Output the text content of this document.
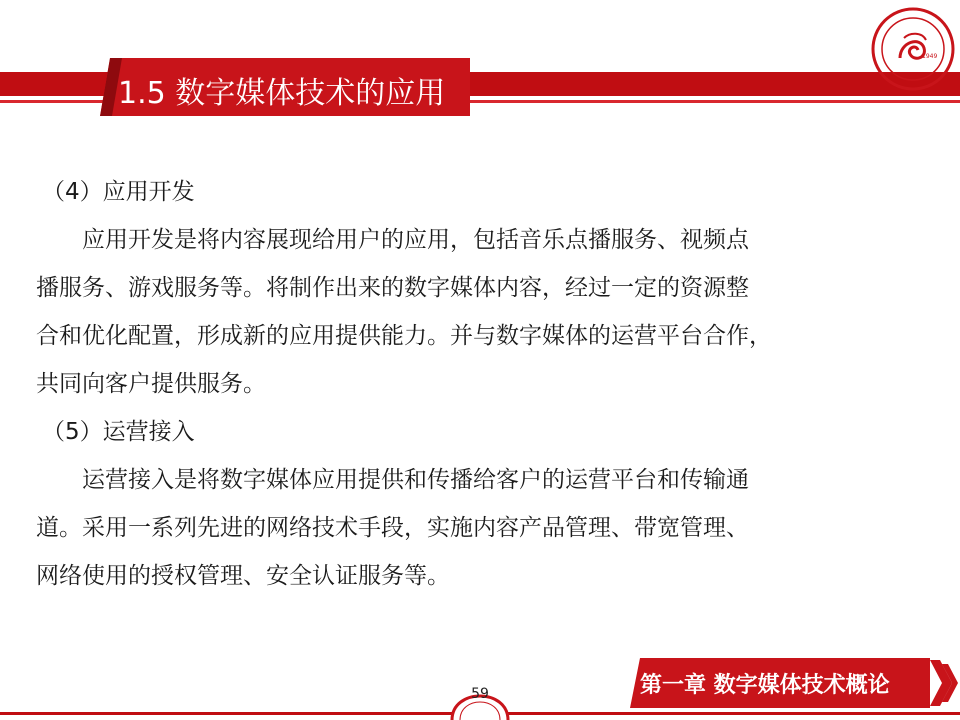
1.5 数字媒体技术的应用
1949

（4）应用开发

应用开发是将内容展现给用户的应用，包括音乐点播服务、视频点

播服务、游戏服务等。将制作出来的数字媒体内容，经过一定的资源整

合和优化配置，形成新的应用提供能力。并与数字媒体的运营平台合作，

共同向客户提供服务。

（5）运营接入

运营接入是将数字媒体应用提供和传播给客户的运营平台和传输通

道。采用一系列先进的网络技术手段，实施内容产品管理、带宽管理、

网络使用的授权管理、安全认证服务等。

59	第一章 数字媒体技术概论
